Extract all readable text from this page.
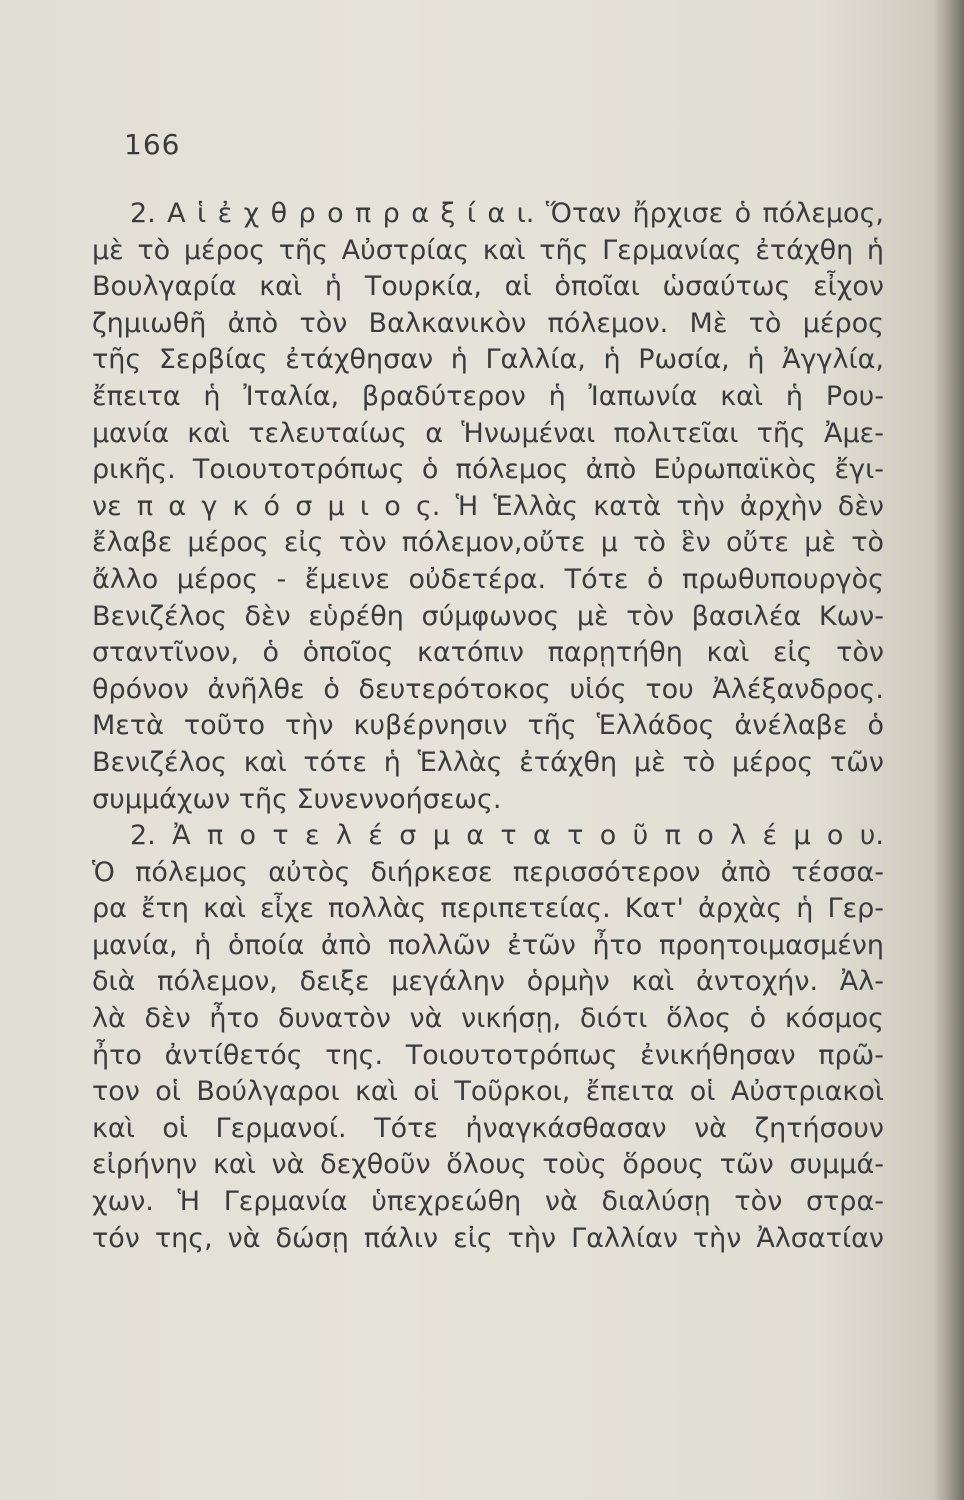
166
2. Α ἱ ἐ χ θ ρ ο π ρ α ξ ί α ι. Ὅταν ἤρχισε ὁ πόλεμος,
μὲ τὸ μέρος τῆς Αὐστρίας καὶ τῆς Γερμανίας ἐτάχθη ἡ
Βουλγαρία καὶ ἡ Τουρκία, αἱ ὁποῖαι ὡσαύτως εἶχον
ζημιωθῆ ἀπὸ τὸν Βαλκανικὸν πόλεμον. Μὲ τὸ μέρος
τῆς Σερβίας ἐτάχθησαν ἡ Γαλλία, ἡ Ρωσία, ἡ Ἀγγλία,
ἔπειτα ἡ Ἰταλία, βραδύτερον ἡ Ἰαπωνία καὶ ἡ Ρου-
μανία καὶ τελευταίως α Ἡνωμέναι πολιτεῖαι τῆς Ἀμε-
ρικῆς. Τοιουτοτρόπως ὁ πόλεμος ἀπὸ Εὐρωπαϊκὸς ἔγι-
νε π α γ κ ό σ μ ι ο ς. Ἡ Ἑλλὰς κατὰ τὴν ἀρχὴν δὲν
ἔλαβε μέρος εἰς τὸν πόλεμον,οὔτε μ τὸ ἓν οὔτε μὲ τὸ
ἄλλο μέρος - ἔμεινε οὐδετέρα. Τότε ὁ πρωθυπουργὸς
Βενιζέλος δὲν εὑρέθη σύμφωνος μὲ τὸν βασιλέα Κων-
σταντῖνον, ὁ ὁποῖος κατόπιν παρῃτήθη καὶ εἰς τὸν
θρόνον ἀνῆλθε ὁ δευτερότοκος υἱός του Ἀλέξανδρος.
Μετὰ τοῦτο τὴν κυβέρνησιν τῆς Ἑλλάδος ἀνέλαβε ὁ
Βενιζέλος καὶ τότε ἡ Ἑλλὰς ἐτάχθη μὲ τὸ μέρος τῶν
συμμάχων τῆς Συνεννοήσεως.
2. Ἀ π ο τ ε λ έ σ μ α τ α τ ο ῦ π ο λ έ μ ο υ.
Ὁ πόλεμος αὐτὸς διήρκεσε περισσότερον ἀπὸ τέσσα-
ρα ἔτη καὶ εἶχε πολλὰς περιπετείας. Κατ' ἀρχὰς ἡ Γερ-
μανία, ἡ ὁποία ἀπὸ πολλῶν ἐτῶν ἦτο προητοιμασμένη
διὰ πόλεμον, δειξε μεγάλην ὁρμὴν καὶ ἀντοχήν. Ἀλ-
λὰ δὲν ἦτο δυνατὸν νὰ νικήσῃ, διότι ὅλος ὁ κόσμος
ἦτο ἀντίθετός της. Τοιουτοτρόπως ἐνικήθησαν πρῶ-
τον οἱ Βούλγαροι καὶ οἱ Τοῦρκοι, ἔπειτα οἱ Αὐστριακοὶ
καὶ οἱ Γερμανοί. Τότε ἠναγκάσθασαν νὰ ζητήσουν
εἰρήνην καὶ νὰ δεχθοῦν ὅλους τοὺς ὅρους τῶν συμμά-
χων. Ἡ Γερμανία ὑπεχρεώθη νὰ διαλύσῃ τὸν στρα-
τόν της, νὰ δώσῃ πάλιν εἰς τὴν Γαλλίαν τὴν Ἀλσατίαν
